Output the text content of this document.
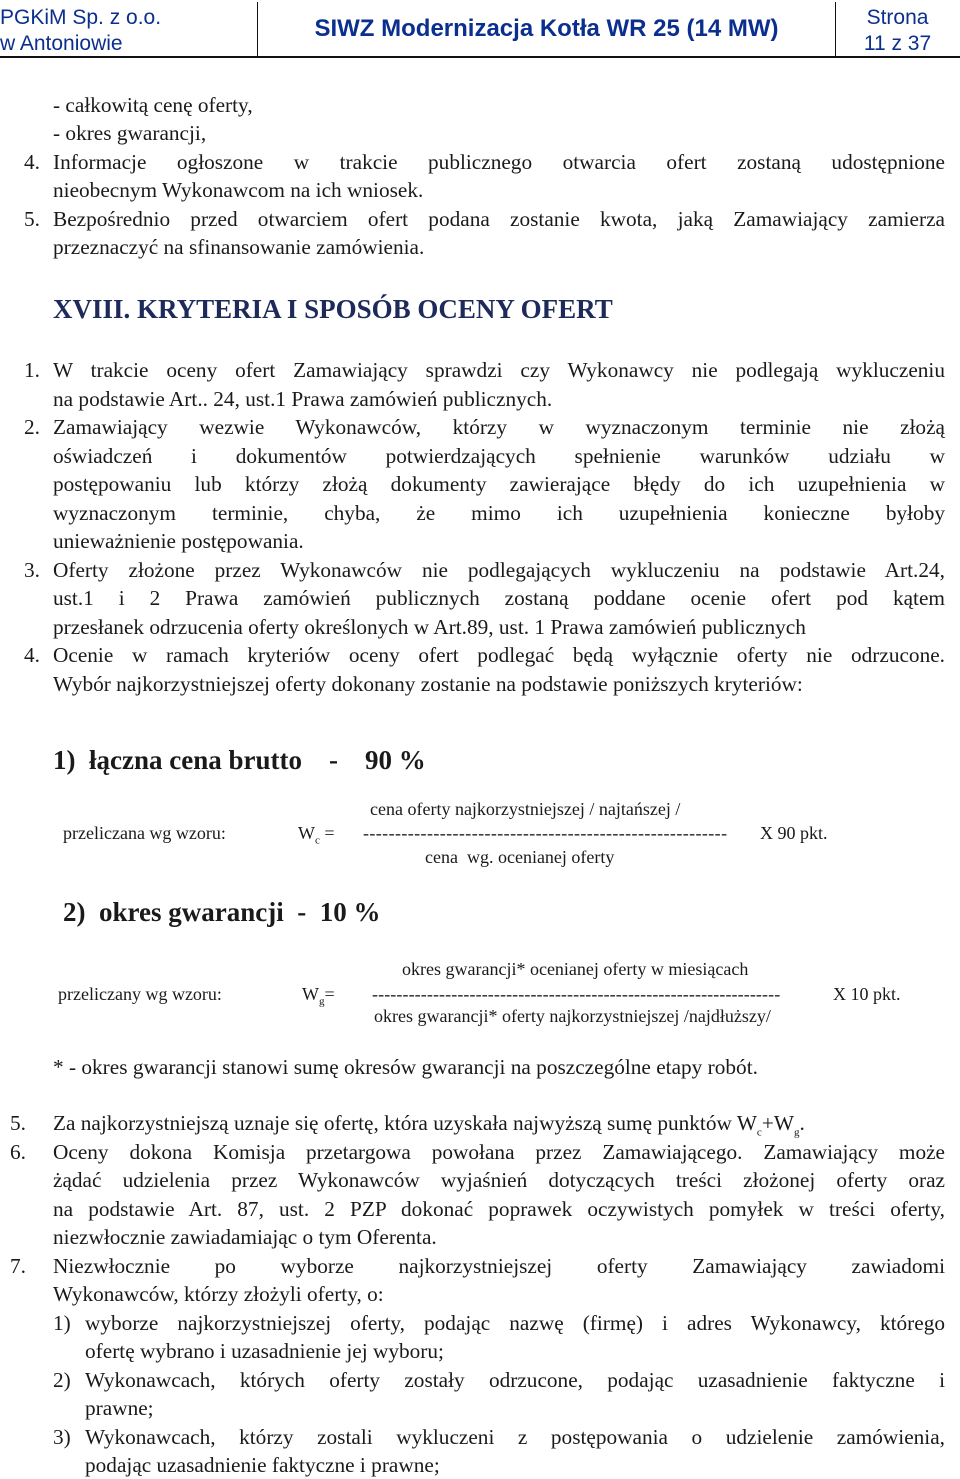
PGKiM Sp. z o.o.
w Antoniowie
SIWZ Modernizacja Kotła WR 25 (14 MW)	Strona
11 z 37
- całkowitą cenę oferty,
- okres gwarancji,
4. Informacje ogłoszone w trakcie publicznego otwarcia ofert zostaną udostępnione
nieobecnym Wykonawcom na ich wniosek.
5. Bezpośrednio przed otwarciem ofert podana zostanie kwota, jaką Zamawiający zamierza
przeznaczyć na sfinansowanie zamówienia.
XVIII. KRYTERIA I SPOSÓB OCENY OFERT
1. W trakcie oceny ofert Zamawiający sprawdzi czy Wykonawcy nie podlegają wykluczeniu
na podstawie Art.. 24, ust.1 Prawa zamówień publicznych.
2. Zamawiający wezwie Wykonawców, którzy w wyznaczonym terminie nie złożą
oświadczeń i dokumentów potwierdzających spełnienie warunków udziału w
postępowaniu lub którzy złożą dokumenty zawierające błędy do ich uzupełnienia w
wyznaczonym terminie, chyba, że mimo ich uzupełnienia konieczne byłoby
unieważnienie postępowania.
3. Oferty złożone przez Wykonawców nie podlegających wykluczeniu na podstawie Art.24,
ust.1 i 2 Prawa zamówień publicznych zostaną poddane ocenie ofert pod kątem
przesłanek odrzucenia oferty określonych w Art.89, ust. 1 Prawa zamówień publicznych
4. Ocenie w ramach kryteriów oceny ofert podlegać będą wyłącznie oferty nie odrzucone.
Wybór najkorzystniejszej oferty dokonany zostanie na podstawie poniższych kryteriów:
1)  łączna cena brutto    -    90 %
cena oferty najkorzystniejszej / najtańszej /
przeliczana wg wzoru:	$W_c$ = --------------------------------------------------------- X 90 pkt.
cena  wg. ocenianej oferty
2)  okres gwarancji  -  10 %
okres gwarancji* ocenianej oferty w miesiącach
przeliczany wg wzoru:	$W_g=$ -------------------------------------------------------------------	X 10 pkt.
okres gwarancji* oferty najkorzystniejszej /najdłuższy/
* - okres gwarancji stanowi sumę okresów gwarancji na poszczególne etapy robót.
5. Za najkorzystniejszą uznaje się ofertę, która uzyskała najwyższą sumę punktów $W_c+W_g$.
6. Oceny dokona Komisja przetargowa powołana przez Zamawiającego. Zamawiający może
żądać udzielenia przez Wykonawców wyjaśnień dotyczących treści złożonej oferty oraz
na podstawie Art. 87, ust. 2 PZP dokonać poprawek oczywistych pomyłek w treści oferty,
niezwłocznie zawiadamiając o tym Oferenta.
7. Niezwłocznie po wyborze najkorzystniejszej oferty Zamawiający zawiadomi
Wykonawców, którzy złożyli oferty, o:
1) wyborze najkorzystniejszej oferty, podając nazwę (firmę) i adres Wykonawcy, którego
ofertę wybrano i uzasadnienie jej wyboru;
2) Wykonawcach, których oferty zostały odrzucone, podając uzasadnienie faktyczne i
prawne;
3) Wykonawcach, którzy zostali wykluczeni z postępowania o udzielenie zamówienia,
podając uzasadnienie faktyczne i prawne;
